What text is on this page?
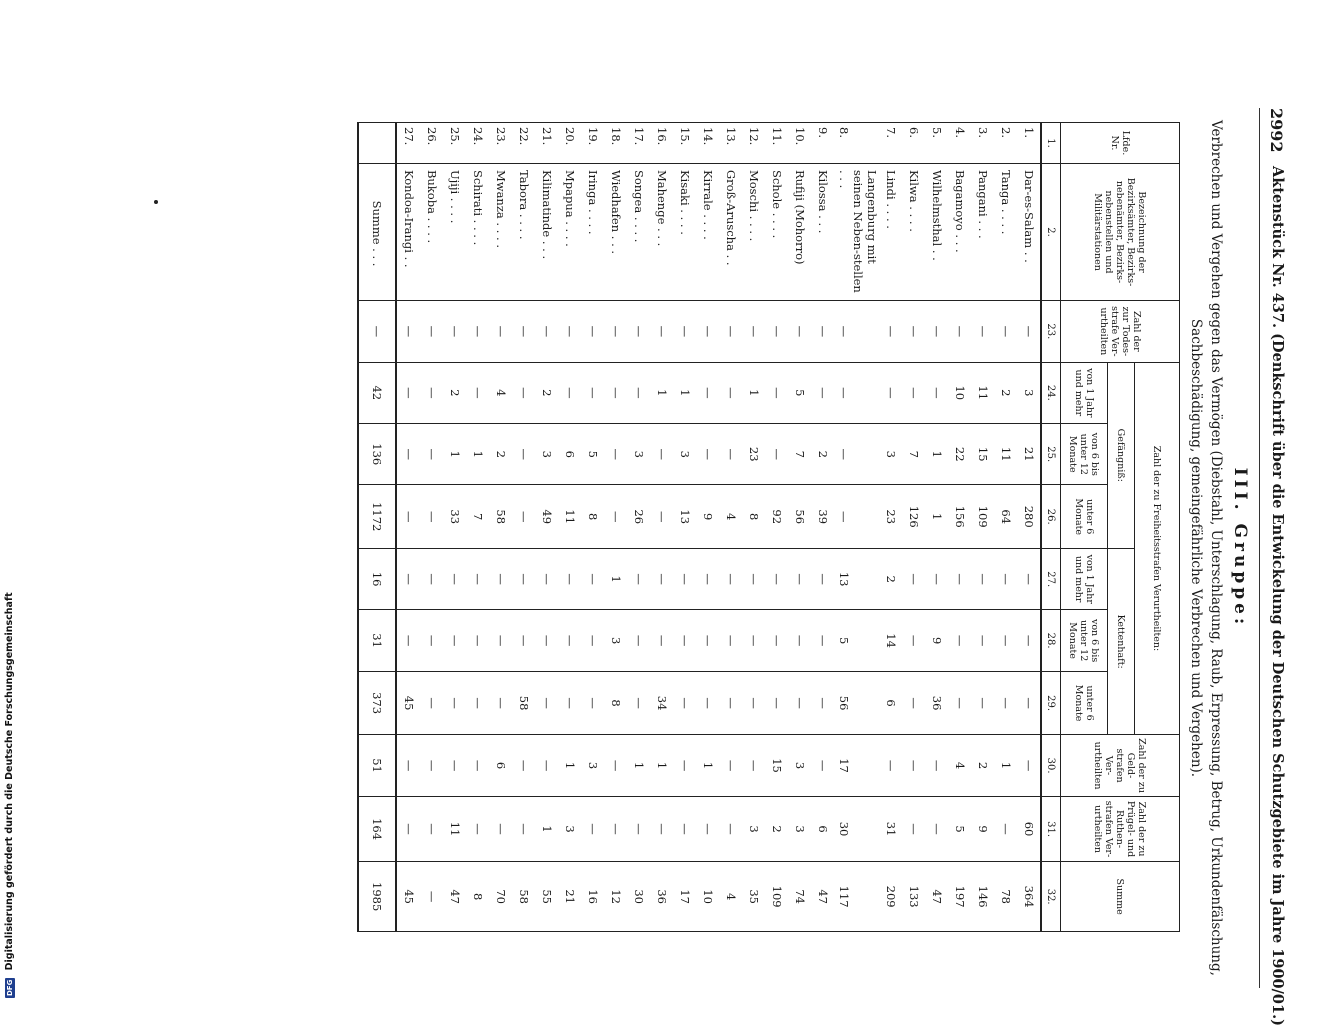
2992
Aktenstück Nr. 437. (Denkschrift über die Entwickelung der Deutschen Schutzgebiete im Jahre 1900/01.)
III. Gruppe:
Verbrechen und Vergehen gegen das Vermögen (Diebstahl, Unterschlagung, Raub, Erpressung, Betrug, Urkundenfälschung, Sachbeschädigung, gemeingefährliche Verbrechen und Vergehen).
Lfde. Nr.	Bezeichnung der Bezirksämter, Bezirks-nebenämter, Bezirks-nebenstellen und Militärstationen	Zahl der zur Todes-strafe Ver-urtheilten	Zahl der zu Freiheitsstrafen Verurtheilten:						Zahl der zu Geld-strafen Ver-urtheilten	Zahl der zu Prügel- und Ruthen-strafen Ver-urtheilten	Summe
			Gefängniß:			Kettenhaft:					
			von 1 Jahr und mehr	von 6 bis unter 12 Monate	unter 6 Monate	von 1 Jahr und mehr	von 6 bis unter 12 Monate	unter 6 Monate			
1.	2.	23.	24.	25.	26.	27.	28.	29.	30.	31.	32.
1.	Dar-es-Salam . .	—	3	21	280	—	—	—	—	60	364
2.	Tanga . . . .	—	2	11	64	—	—	—	1	—	78
3.	Pangani . . .	—	11	15	109	—	—	—	2	9	146
4.	Bagamoyo . . .	—	10	22	156	—	—	—	4	5	197
5.	Wilhelmsthal . .	—	—	1	1	—	9	36	—	—	47
6.	Kilwa . . . .	—	—	7	126	—	—	—	—	—	133
7.	Lindi . . . .	—	—	3	23	2	14	6	—	31	209
8.	Langenburg mit seinen Neben-stellen . . .	—	—	—	—	13	5	56	17	30	117
9.	Kilossa . . .	—	—	2	39	—	—	—	—	6	47
10.	Rufiji (Mohorro)	—	5	7	56	—	—	—	3	3	74
11.	Schole . . . .	—	—	—	92	—	—	—	15	2	109
12.	Moschi . . . .	—	1	23	8	—	—	—	—	3	35
13.	Groß-Aruscha . .	—	—	—	4	—	—	—	—	—	4
14.	Kirrale . . . .	—	—	—	9	—	—	—	1	—	10
15.	Kisaki . . . .	—	1	3	13	—	—	—	—	—	17
16.	Mahenge . . .	—	1	—	—	—	—	34	1	—	36
17.	Songea . . . .	—	—	3	26	—	—	—	1	—	30
18.	Wiedhafen . . .	—	—	—	—	1	3	8	—	—	12
19.	Iringa . . . .	—	—	5	8	—	—	—	3	—	16
20.	Mpapua . . . .	—	—	6	11	—	—	—	1	3	21
21.	Kilimatinde . . .	—	2	3	49	—	—	—	—	1	55
22.	Tabora . . . .	—	—	—	—	—	—	58	—	—	58
23.	Mwanza . . . .	—	4	2	58	—	—	—	6	—	70
24.	Schirati . . . .	—	—	1	7	—	—	—	—	—	8
25.	Ujiji . . . .	—	2	1	33	—	—	—	—	11	47
26.	Bukoba . . . .	—	—	—	—	—	—	—	—	—	—
27.	Kondoa-Irangi . .	—	—	—	—	—	—	45	—	—	45
	Summe . . .	—	42	136	1172	16	31	373	51	164	1985
DFG Digitalisierung gefördert durch die Deutsche Forschungsgemeinschaft
